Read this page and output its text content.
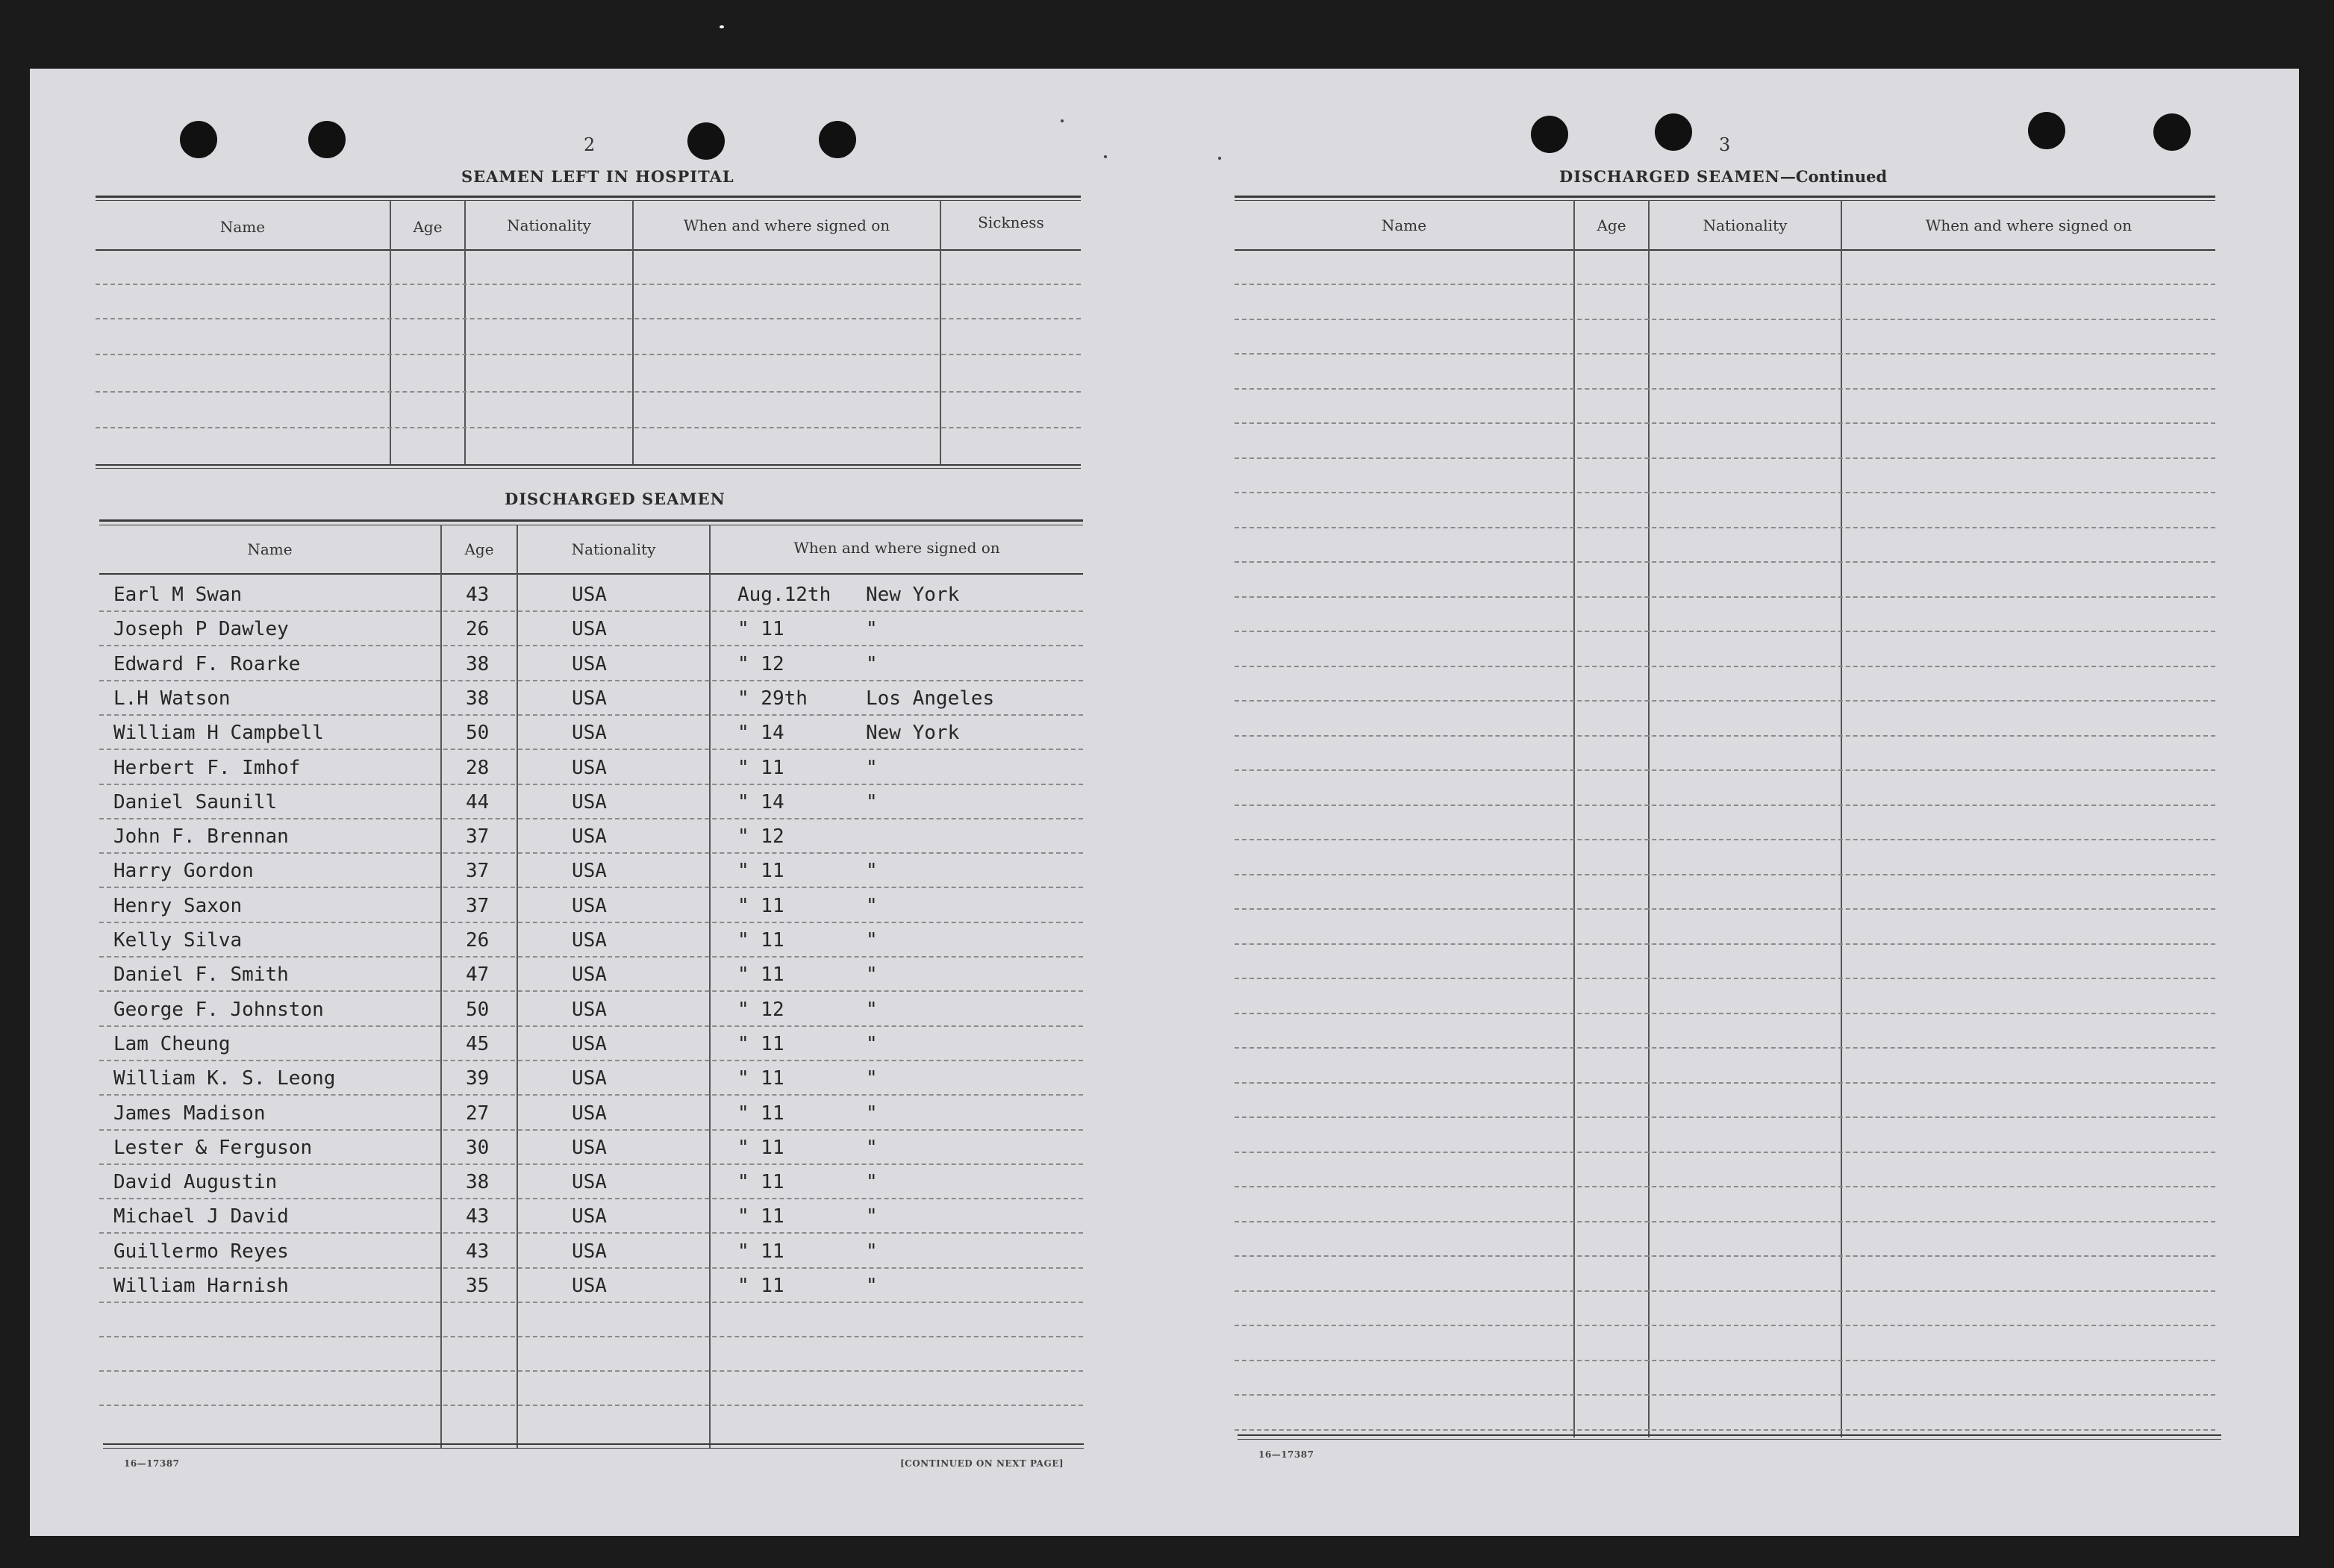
2
SEAMEN LEFT IN HOSPITAL
Name	Age	Nationality	When and where signed on	Sickness
DISCHARGED SEAMEN
Name	Age	Nationality	When and where signed on
Earl M Swan	43	USA	Aug.12th New York
Joseph P Dawley	26	USA	" 11	"
Edward F. Roarke	38	USA	" 12	"
L.H Watson	38	USA	" 29th	Los Angeles
William H Campbell	50	USA	" 14	New York
Herbert F. Imhof	28	USA	" 11	"
Daniel Saunill	44	USA	" 14	"
John F. Brennan	37	USA	" 12
Harry Gordon	37	USA	" 11	"
Henry Saxon	37	USA	" 11	"
Kelly Silva	26	USA	" 11	"
Daniel F. Smith	47	USA	" 11	"
George F. Johnston	50	USA	" 12	"
Lam Cheung	45	USA	" 11	"
William K. S. Leong	39	USA	" 11	"
James Madison	27	USA	" 11	"
Lester & Ferguson	30	USA	" 11	"
David Augustin	38	USA	" 11	"
Michael J David	43	USA	" 11	"
Guillermo Reyes	43	USA	" 11	"
William Harnish	35	USA	" 11	"
16—17387	[CONTINUED ON NEXT PAGE]
3
DISCHARGED SEAMEN—Continued
Name	Age	Nationality	When and where signed on
16—17387
